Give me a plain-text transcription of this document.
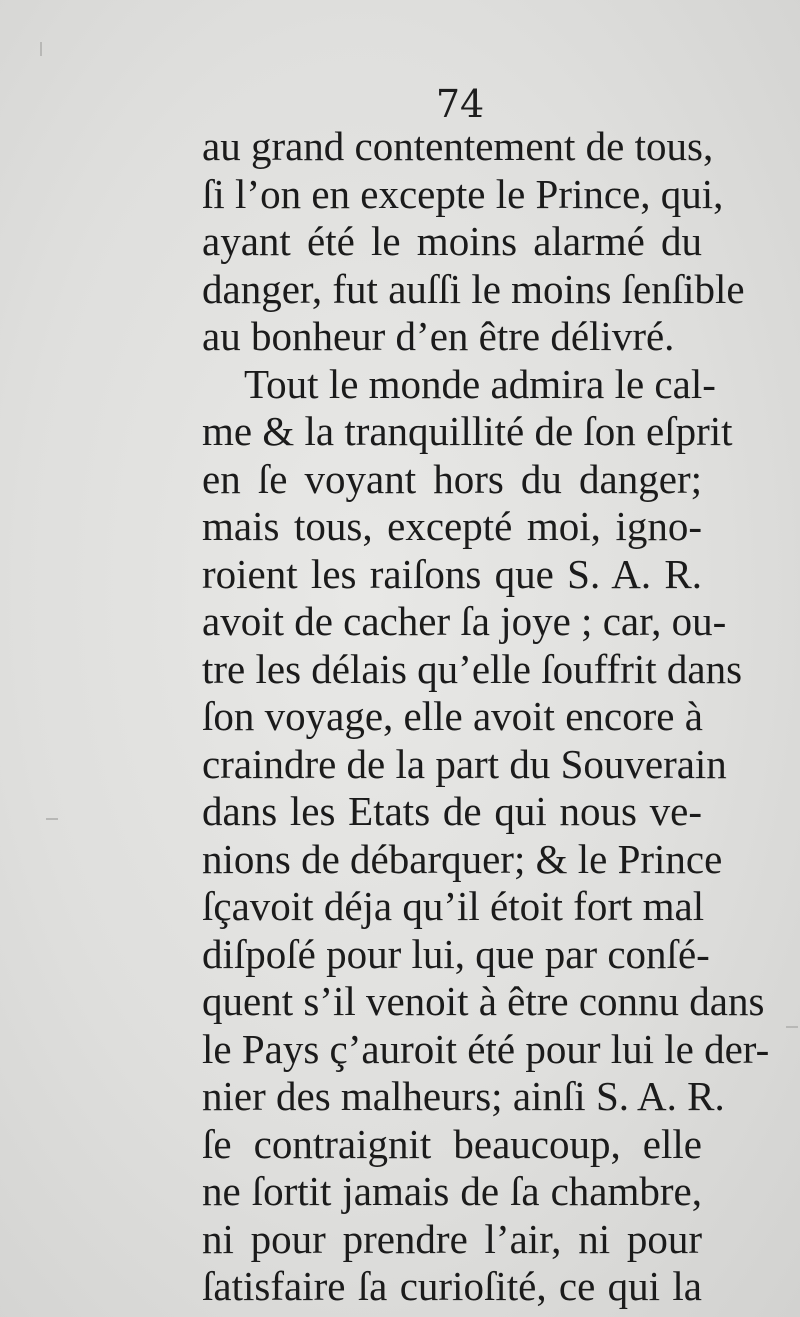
74
au grand contentement de tous,
ſi l’on en excepte le Prince, qui,
ayant été le moins alarmé du
danger, fut auſſi le moins ſenſible
au bonheur d’en être délivré.
Tout le monde admira le cal-
me & la tranquillité de ſon eſprit
en ſe voyant hors du danger;
mais tous, excepté moi, igno-
roient les raiſons que S. A. R.
avoit de cacher ſa joye ; car, ou-
tre les délais qu’elle ſouffrit dans
ſon voyage, elle avoit encore à
craindre de la part du Souverain
dans les Etats de qui nous ve-
nions de débarquer; & le Prince
ſçavoit déja qu’il étoit fort mal
diſpoſé pour lui, que par conſé-
quent s’il venoit à être connu dans
le Pays ç’auroit été pour lui le der-
nier des malheurs; ainſi S. A. R.
ſe contraignit beaucoup, elle
ne ſortit jamais de ſa chambre,
ni pour prendre l’air, ni pour
ſatisfaire ſa curioſité, ce qui la
